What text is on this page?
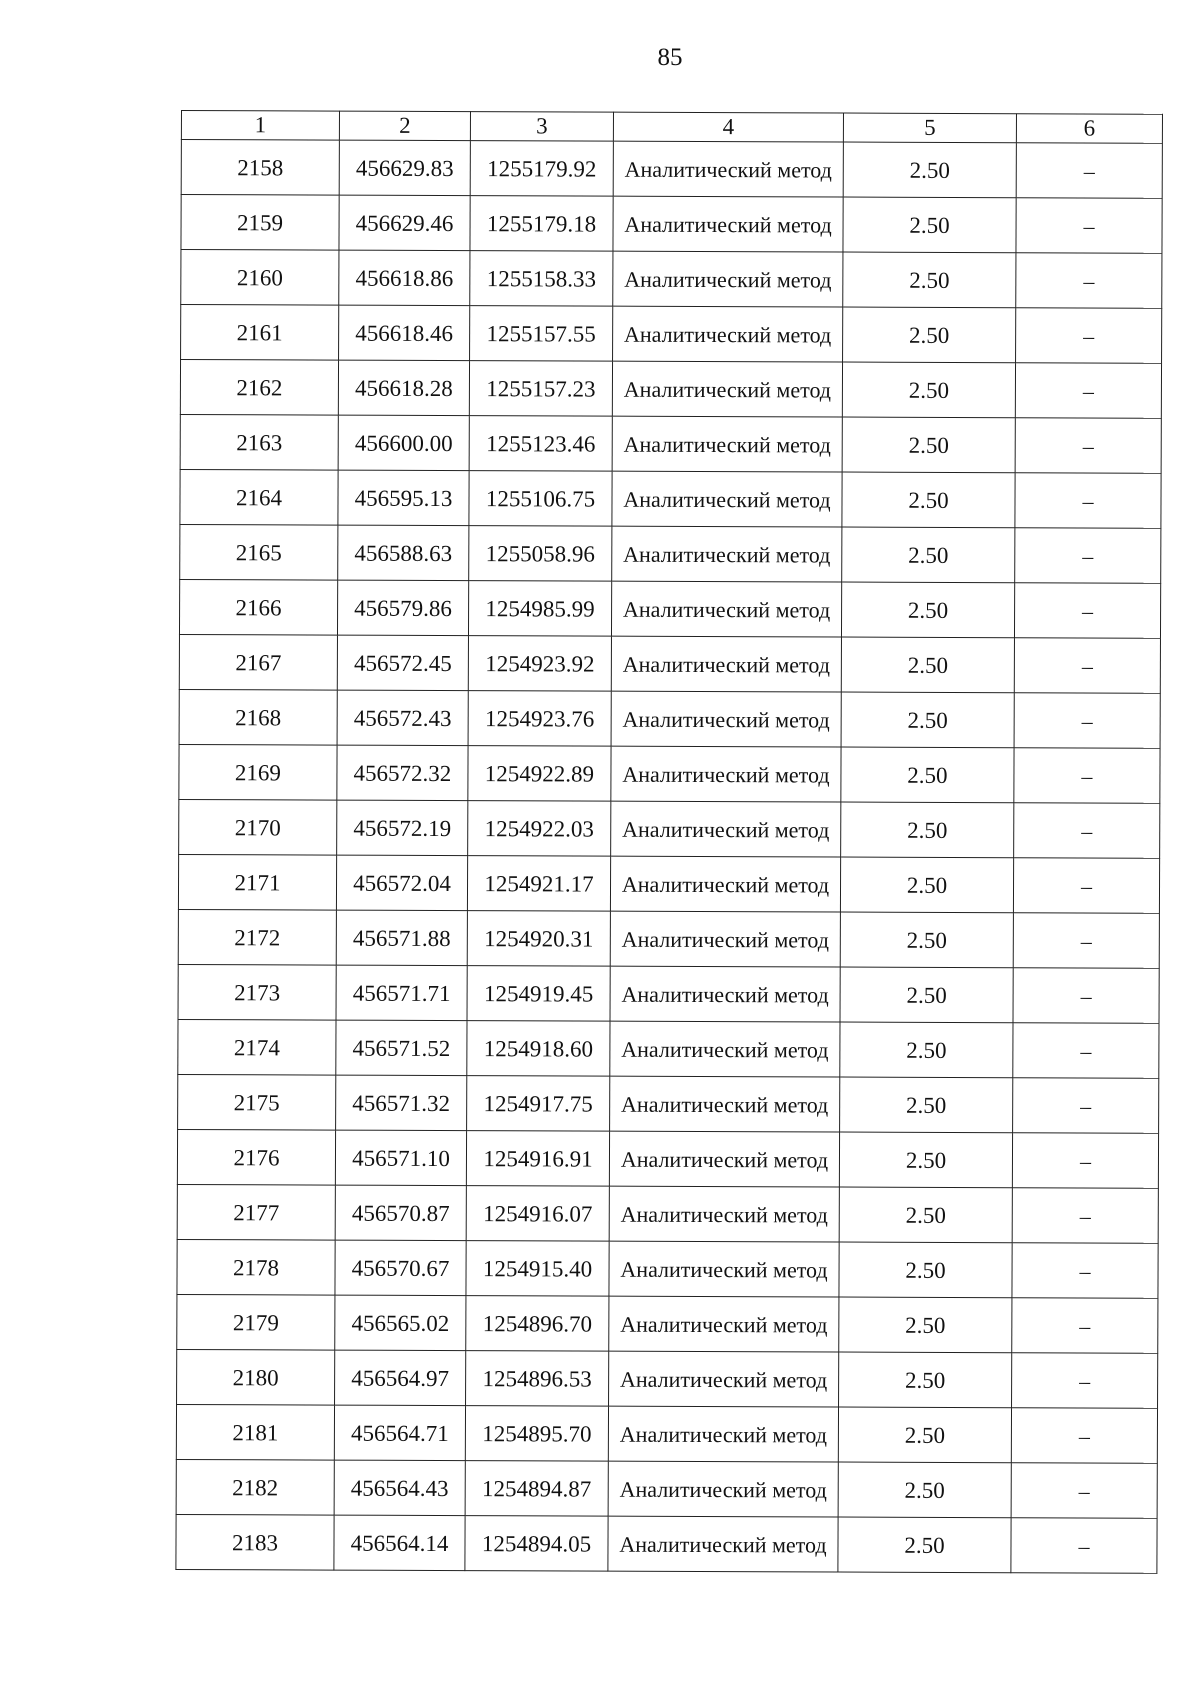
85
1	2	3	4	5	6
2158	456629.83	1255179.92	Аналитический метод	2.50	–
2159	456629.46	1255179.18	Аналитический метод	2.50	–
2160	456618.86	1255158.33	Аналитический метод	2.50	–
2161	456618.46	1255157.55	Аналитический метод	2.50	–
2162	456618.28	1255157.23	Аналитический метод	2.50	–
2163	456600.00	1255123.46	Аналитический метод	2.50	–
2164	456595.13	1255106.75	Аналитический метод	2.50	–
2165	456588.63	1255058.96	Аналитический метод	2.50	–
2166	456579.86	1254985.99	Аналитический метод	2.50	–
2167	456572.45	1254923.92	Аналитический метод	2.50	–
2168	456572.43	1254923.76	Аналитический метод	2.50	–
2169	456572.32	1254922.89	Аналитический метод	2.50	–
2170	456572.19	1254922.03	Аналитический метод	2.50	–
2171	456572.04	1254921.17	Аналитический метод	2.50	–
2172	456571.88	1254920.31	Аналитический метод	2.50	–
2173	456571.71	1254919.45	Аналитический метод	2.50	–
2174	456571.52	1254918.60	Аналитический метод	2.50	–
2175	456571.32	1254917.75	Аналитический метод	2.50	–
2176	456571.10	1254916.91	Аналитический метод	2.50	–
2177	456570.87	1254916.07	Аналитический метод	2.50	–
2178	456570.67	1254915.40	Аналитический метод	2.50	–
2179	456565.02	1254896.70	Аналитический метод	2.50	–
2180	456564.97	1254896.53	Аналитический метод	2.50	–
2181	456564.71	1254895.70	Аналитический метод	2.50	–
2182	456564.43	1254894.87	Аналитический метод	2.50	–
2183	456564.14	1254894.05	Аналитический метод	2.50	–
